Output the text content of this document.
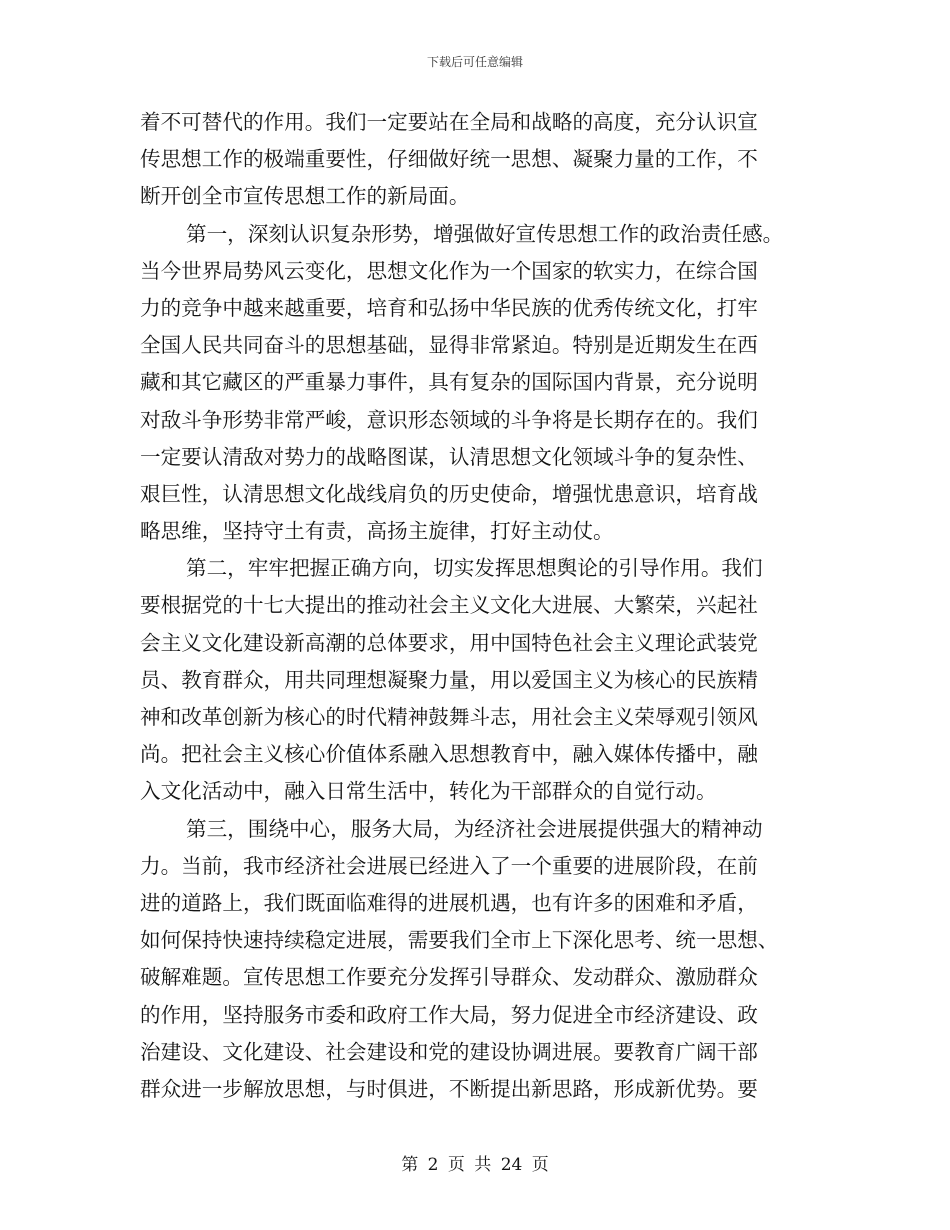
下载后可任意编辑
着不可替代的作用。我们一定要站在全局和战略的高度，充分认识宣
传思想工作的极端重要性，仔细做好统一思想、凝聚力量的工作，不
断开创全市宣传思想工作的新局面。
第一，深刻认识复杂形势，增强做好宣传思想工作的政治责任感。
当今世界局势风云变化，思想文化作为一个国家的软实力，在综合国
力的竞争中越来越重要，培育和弘扬中华民族的优秀传统文化，打牢
全国人民共同奋斗的思想基础，显得非常紧迫。特别是近期发生在西
藏和其它藏区的严重暴力事件，具有复杂的国际国内背景，充分说明
对敌斗争形势非常严峻，意识形态领域的斗争将是长期存在的。我们
一定要认清敌对势力的战略图谋，认清思想文化领域斗争的复杂性、
艰巨性，认清思想文化战线肩负的历史使命，增强忧患意识，培育战
略思维，坚持守土有责，高扬主旋律，打好主动仗。
第二，牢牢把握正确方向，切实发挥思想舆论的引导作用。我们
要根据党的十七大提出的推动社会主义文化大进展、大繁荣，兴起社
会主义文化建设新高潮的总体要求，用中国特色社会主义理论武装党
员、教育群众，用共同理想凝聚力量，用以爱国主义为核心的民族精
神和改革创新为核心的时代精神鼓舞斗志，用社会主义荣辱观引领风
尚。把社会主义核心价值体系融入思想教育中，融入媒体传播中，融
入文化活动中，融入日常生活中，转化为干部群众的自觉行动。
第三，围绕中心，服务大局，为经济社会进展提供强大的精神动
力。当前，我市经济社会进展已经进入了一个重要的进展阶段，在前
进的道路上，我们既面临难得的进展机遇，也有许多的困难和矛盾，
如何保持快速持续稳定进展，需要我们全市上下深化思考、统一思想、
破解难题。宣传思想工作要充分发挥引导群众、发动群众、激励群众
的作用，坚持服务市委和政府工作大局，努力促进全市经济建设、政
治建设、文化建设、社会建设和党的建设协调进展。要教育广阔干部
群众进一步解放思想，与时俱进，不断提出新思路，形成新优势。要
第 2 页 共 24 页
